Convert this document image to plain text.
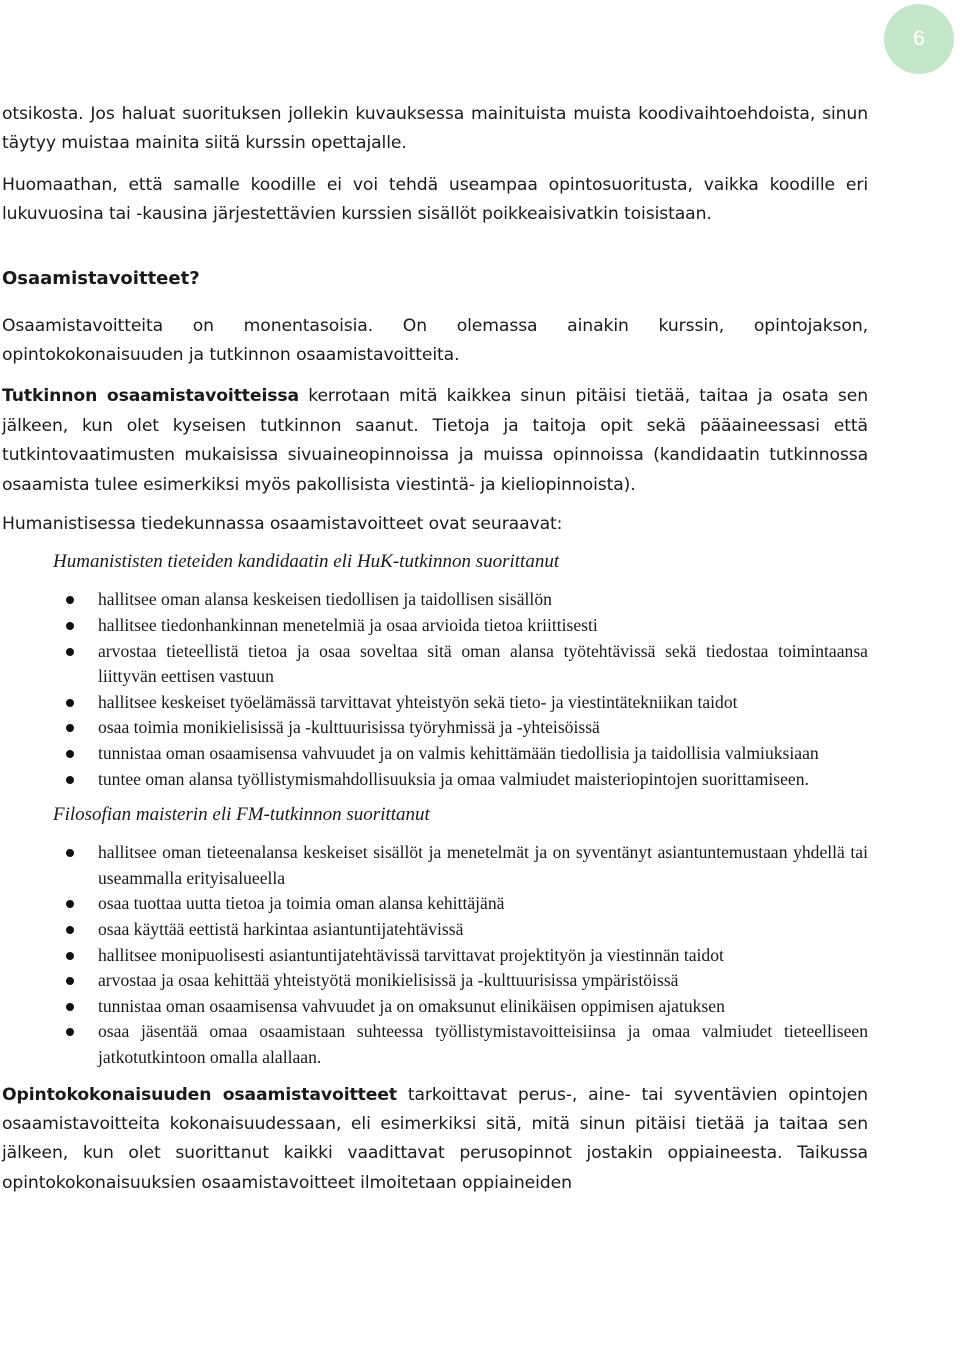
6

otsikosta. Jos haluat suorituksen jollekin kuvauksessa mainituista muista koodivaihtoehdoista, sinun täytyy muistaa mainita siitä kurssin opettajalle.

Huomaathan, että samalle koodille ei voi tehdä useampaa opintosuoritusta, vaikka koodille eri lukuvuosina tai -kausina järjestettävien kurssien sisällöt poikkeaisivatkin toisistaan.

Osaamistavoitteet?

Osaamistavoitteita on monentasoisia. On olemassa ainakin kurssin, opintojakson, opintokokonaisuuden ja tutkinnon osaamistavoitteita.

Tutkinnon osaamistavoitteissa kerrotaan mitä kaikkea sinun pitäisi tietää, taitaa ja osata sen jälkeen, kun olet kyseisen tutkinnon saanut. Tietoja ja taitoja opit sekä pääaineessasi että tutkintovaatimusten mukaisissa sivuaineopinnoissa ja muissa opinnoissa (kandidaatin tutkinnossa osaamista tulee esimerkiksi myös pakollisista viestintä- ja kieliopinnoista).

Humanistisessa tiedekunnassa osaamistavoitteet ovat seuraavat:

Humanististen tieteiden kandidaatin eli HuK-tutkinnon suorittanut

hallitsee oman alansa keskeisen tiedollisen ja taidollisen sisällön
hallitsee tiedonhankinnan menetelmiä ja osaa arvioida tietoa kriittisesti
arvostaa tieteellistä tietoa ja osaa soveltaa sitä oman alansa työtehtävissä sekä tiedostaa toimintaansa liittyvän eettisen vastuun
hallitsee keskeiset työelämässä tarvittavat yhteistyön sekä tieto- ja viestintätekniikan taidot
osaa toimia monikielisissä ja -kulttuurisissa työryhmissä ja -yhteisöissä
tunnistaa oman osaamisensa vahvuudet ja on valmis kehittämään tiedollisia ja taidollisia valmiuksiaan
tuntee oman alansa työllistymismahdollisuuksia ja omaa valmiudet maisteriopintojen suorittamiseen.

Filosofian maisterin eli FM-tutkinnon suorittanut

hallitsee oman tieteenalansa keskeiset sisällöt ja menetelmät ja on syventänyt asiantuntemustaan yhdellä tai useammalla erityisalueella
osaa tuottaa uutta tietoa ja toimia oman alansa kehittäjänä
osaa käyttää eettistä harkintaa asiantuntijatehtävissä
hallitsee monipuolisesti asiantuntijatehtävissä tarvittavat projektityön ja viestinnän taidot
arvostaa ja osaa kehittää yhteistyötä monikielisissä ja -kulttuurisissa ympäristöissä
tunnistaa oman osaamisensa vahvuudet ja on omaksunut elinikäisen oppimisen ajatuksen
osaa jäsentää omaa osaamistaan suhteessa työllistymistavoitteisiinsa ja omaa valmiudet tieteelliseen jatkotutkintoon omalla alallaan.

Opintokokonaisuuden osaamistavoitteet tarkoittavat perus-, aine- tai syventävien opintojen osaamistavoitteita kokonaisuudessaan, eli esimerkiksi sitä, mitä sinun pitäisi tietää ja taitaa sen jälkeen, kun olet suorittanut kaikki vaadittavat perusopinnot jostakin oppiaineesta. Taikussa opintokokonaisuuksien osaamistavoitteet ilmoitetaan oppiaineiden
